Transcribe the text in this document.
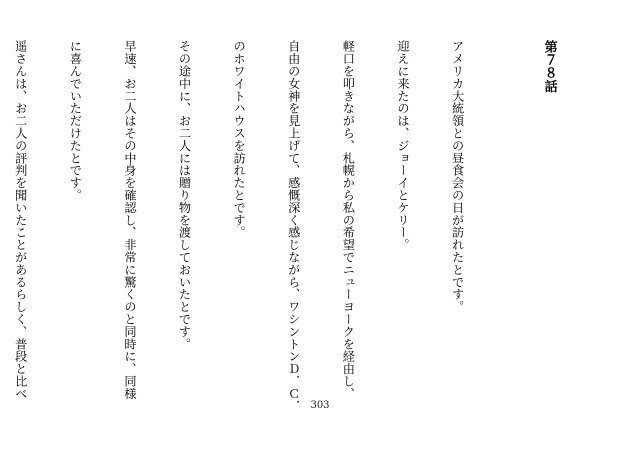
第７８話

アメリカ大統領との昼食会の日が訪れたとです。

迎えに来たのは、ジョーイとケリー。

軽口を叩きながら、札幌から私の希望でニューヨークを経由し、

自由の女神を見上げて、感慨深く感じながら、ワシントンＤ．Ｃ．

のホワイトハウスを訪れたとです。

その途中に、お二人には贈り物を渡しておいたとです。

早速、お二人はその中身を確認し、非常に驚くのと同時に、同様

に喜んでいただけたとです。

遥さんは、お二人の評判を聞いたことがあるらしく、普段と比べ

303
